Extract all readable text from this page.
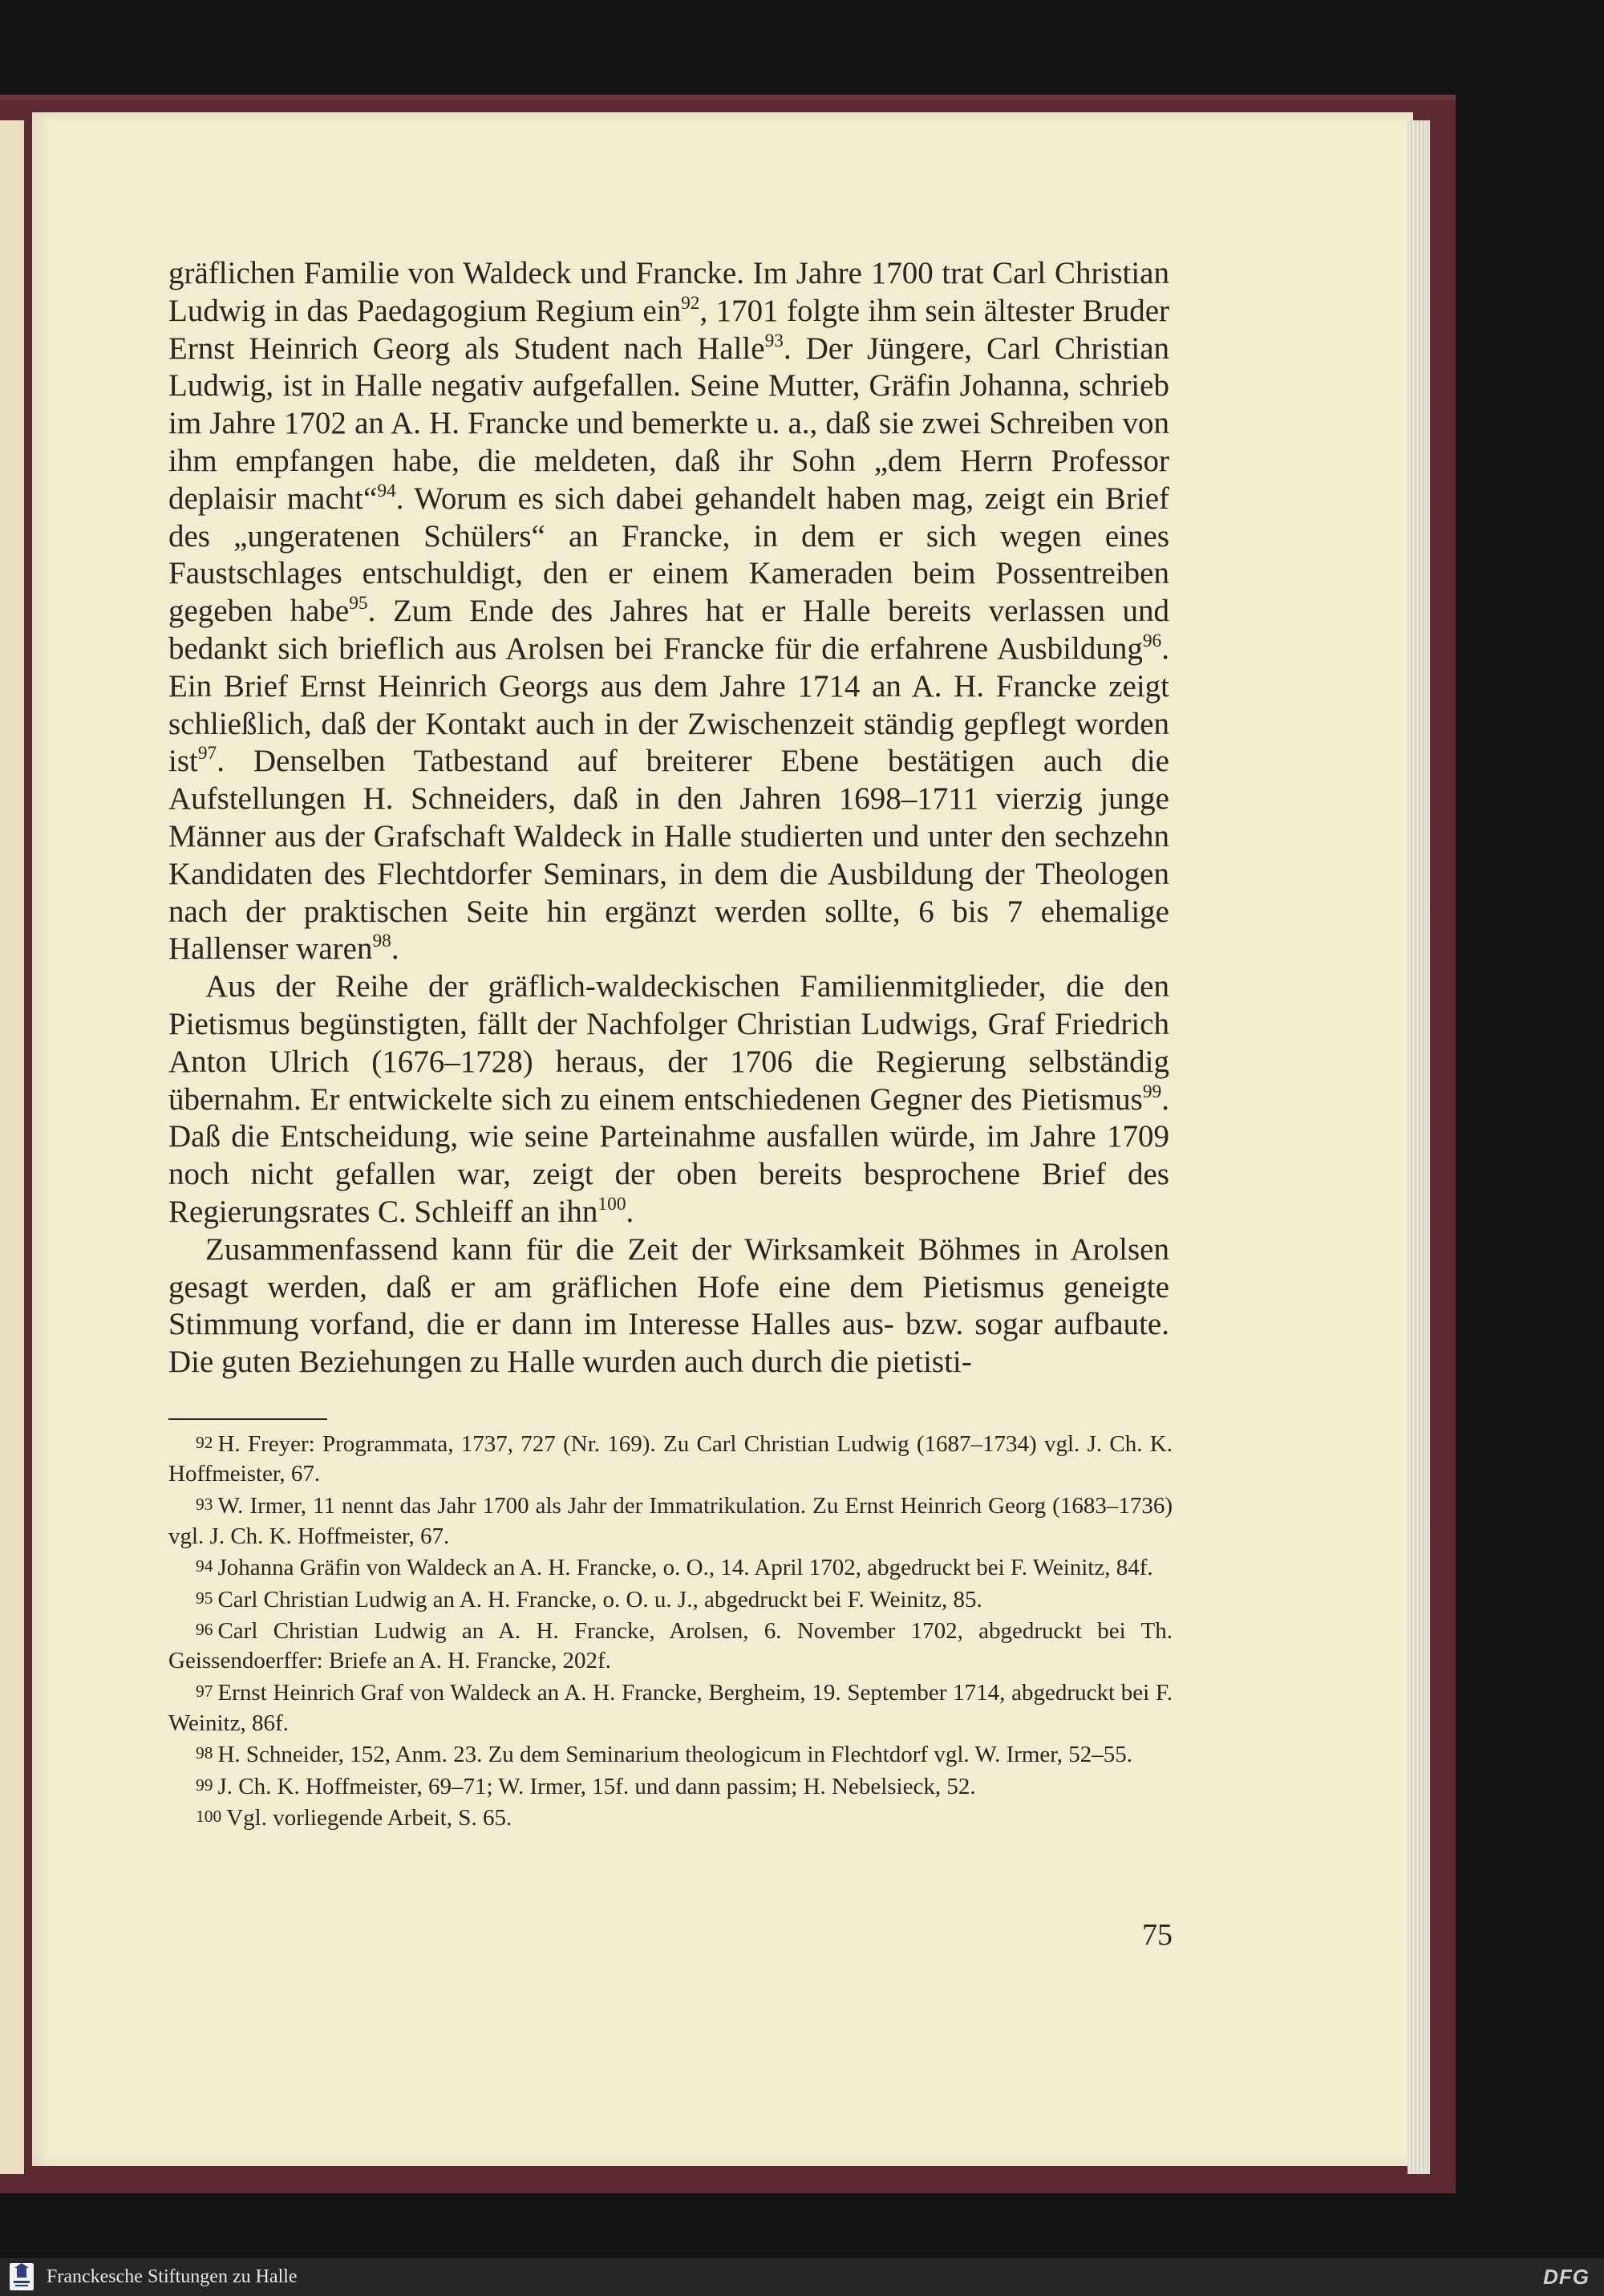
gräflichen Familie von Waldeck und Francke. Im Jahre 1700 trat Carl Christian Ludwig in das Paedagogium Regium ein$^{92}$, 1701 folgte ihm sein ältester Bruder Ernst Heinrich Georg als Student nach Halle$^{93}$. Der Jüngere, Carl Christian Ludwig, ist in Halle negativ aufgefallen. Seine Mutter, Gräfin Johanna, schrieb im Jahre 1702 an A. H. Francke und bemerkte u. a., daß sie zwei Schreiben von ihm empfangen habe, die meldeten, daß ihr Sohn „dem Herrn Professor deplaisir macht“$^{94}$. Worum es sich dabei gehandelt haben mag, zeigt ein Brief des „ungeratenen Schülers“ an Francke, in dem er sich wegen eines Faustschlages entschuldigt, den er einem Kameraden beim Possentreiben gegeben habe$^{95}$. Zum Ende des Jahres hat er Halle bereits verlassen und bedankt sich brieflich aus Arolsen bei Francke für die erfahrene Ausbildung$^{96}$. Ein Brief Ernst Heinrich Georgs aus dem Jahre 1714 an A. H. Francke zeigt schließlich, daß der Kontakt auch in der Zwischenzeit ständig gepflegt worden ist$^{97}$. Denselben Tatbestand auf breiterer Ebene bestätigen auch die Aufstellungen H. Schneiders, daß in den Jahren 1698–1711 vierzig junge Männer aus der Grafschaft Waldeck in Halle studierten und unter den sechzehn Kandidaten des Flechtdorfer Seminars, in dem die Ausbildung der Theologen nach der praktischen Seite hin ergänzt werden sollte, 6 bis 7 ehemalige Hallenser waren$^{98}$.

Aus der Reihe der gräflich-waldeckischen Familienmitglieder, die den Pietismus begünstigten, fällt der Nachfolger Christian Ludwigs, Graf Friedrich Anton Ulrich (1676–1728) heraus, der 1706 die Regierung selbständig übernahm. Er entwickelte sich zu einem entschiedenen Gegner des Pietismus$^{99}$. Daß die Entscheidung, wie seine Parteinahme ausfallen würde, im Jahre 1709 noch nicht gefallen war, zeigt der oben bereits besprochene Brief des Regierungsrates C. Schleiff an ihn$^{100}$.

Zusammenfassend kann für die Zeit der Wirksamkeit Böhmes in Arolsen gesagt werden, daß er am gräflichen Hofe eine dem Pietismus geneigte Stimmung vorfand, die er dann im Interesse Halles aus- bzw. sogar aufbaute. Die guten Beziehungen zu Halle wurden auch durch die pietisti-

92 H. Freyer: Programmata, 1737, 727 (Nr. 169). Zu Carl Christian Ludwig (1687–1734) vgl. J. Ch. K. Hoffmeister, 67.

93 W. Irmer, 11 nennt das Jahr 1700 als Jahr der Immatrikulation. Zu Ernst Heinrich Georg (1683–1736) vgl. J. Ch. K. Hoffmeister, 67.

94 Johanna Gräfin von Waldeck an A. H. Francke, o. O., 14. April 1702, abgedruckt bei F. Weinitz, 84f.

95 Carl Christian Ludwig an A. H. Francke, o. O. u. J., abgedruckt bei F. Weinitz, 85.

96 Carl Christian Ludwig an A. H. Francke, Arolsen, 6. November 1702, abgedruckt bei Th. Geissendoerffer: Briefe an A. H. Francke, 202f.

97 Ernst Heinrich Graf von Waldeck an A. H. Francke, Bergheim, 19. September 1714, abgedruckt bei F. Weinitz, 86f.

98 H. Schneider, 152, Anm. 23. Zu dem Seminarium theologicum in Flechtdorf vgl. W. Irmer, 52–55.

99 J. Ch. K. Hoffmeister, 69–71; W. Irmer, 15f. und dann passim; H. Nebelsieck, 52.

100 Vgl. vorliegende Arbeit, S. 65.

75
Franckesche Stiftungen zu Halle	DFG
